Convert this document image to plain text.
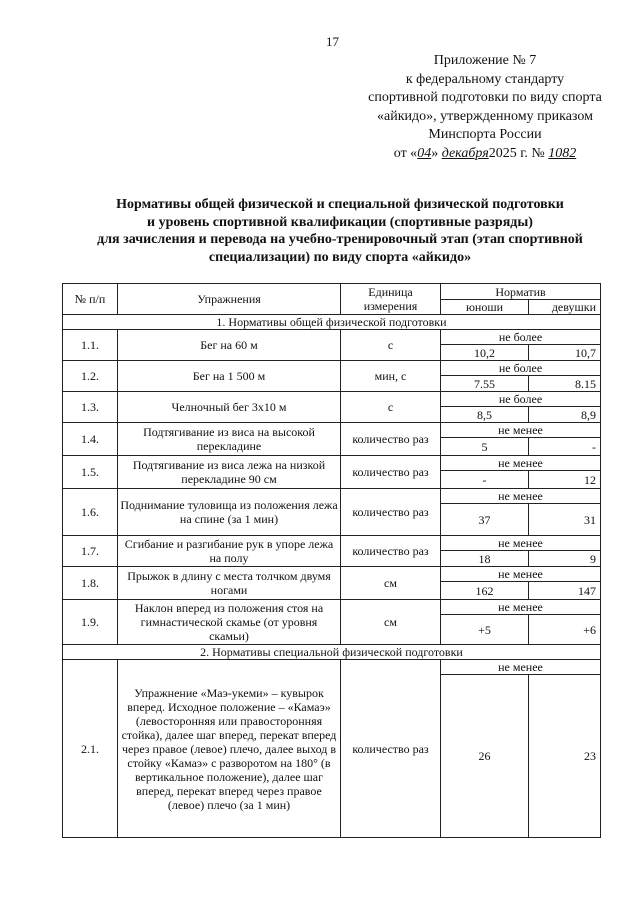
17
Приложение № 7
к федеральному стандарту
спортивной подготовки по виду спорта
«айкидо», утвержденному приказом
Минспорта России
от «04» декабря2025 г. № 1082
Нормативы общей физической и специальной физической подготовки
и уровень спортивной квалификации (спортивные разряды)
для зачисления и перевода на учебно-тренировочный этап (этап спортивной
специализации) по виду спорта «айкидо»
№ п/п	Упражнения	Единица измерения	Норматив	
			юноши	девушки
1. Нормативы общей физической подготовки				
1.1.	Бег на 60 м	с	не более	
			10,2	10,7
1.2.	Бег на 1 500 м	мин, с	не более	
			7.55	8.15
1.3.	Челночный бег 3х10 м	с	не более	
			8,5	8,9
1.4.	Подтягивание из виса на высокой перекладине	количество раз	не менее	
			5	-
1.5.	Подтягивание из виса лежа на низкой перекладине 90 см	количество раз	не менее	
			-	12
1.6.	Поднимание туловища из положения лежа на спине (за 1 мин)	количество раз	не менее	
			37	31
1.7.	Сгибание и разгибание рук в упоре лежа на полу	количество раз	не менее	
			18	9
1.8.	Прыжок в длину с места толчком двумя ногами	см	не менее	
			162	147
1.9.	Наклон вперед из положения стоя на гимнастической скамье (от уровня скамьи)	см	не менее	
			+5	+6
2. Нормативы специальной физической подготовки				
2.1.	Упражнение «Маэ-укеми» – кувырок вперед. Исходное положение – «Камаэ» (левосторонняя или правосторонняя стойка), далее шаг вперед, перекат вперед через правое (левое) плечо, далее выход в стойку «Камаэ» с разворотом на 180° (в вертикальное положение), далее шаг вперед, перекат вперед через правое (левое) плечо (за 1 мин)	количество раз	не менее	
			26	23
